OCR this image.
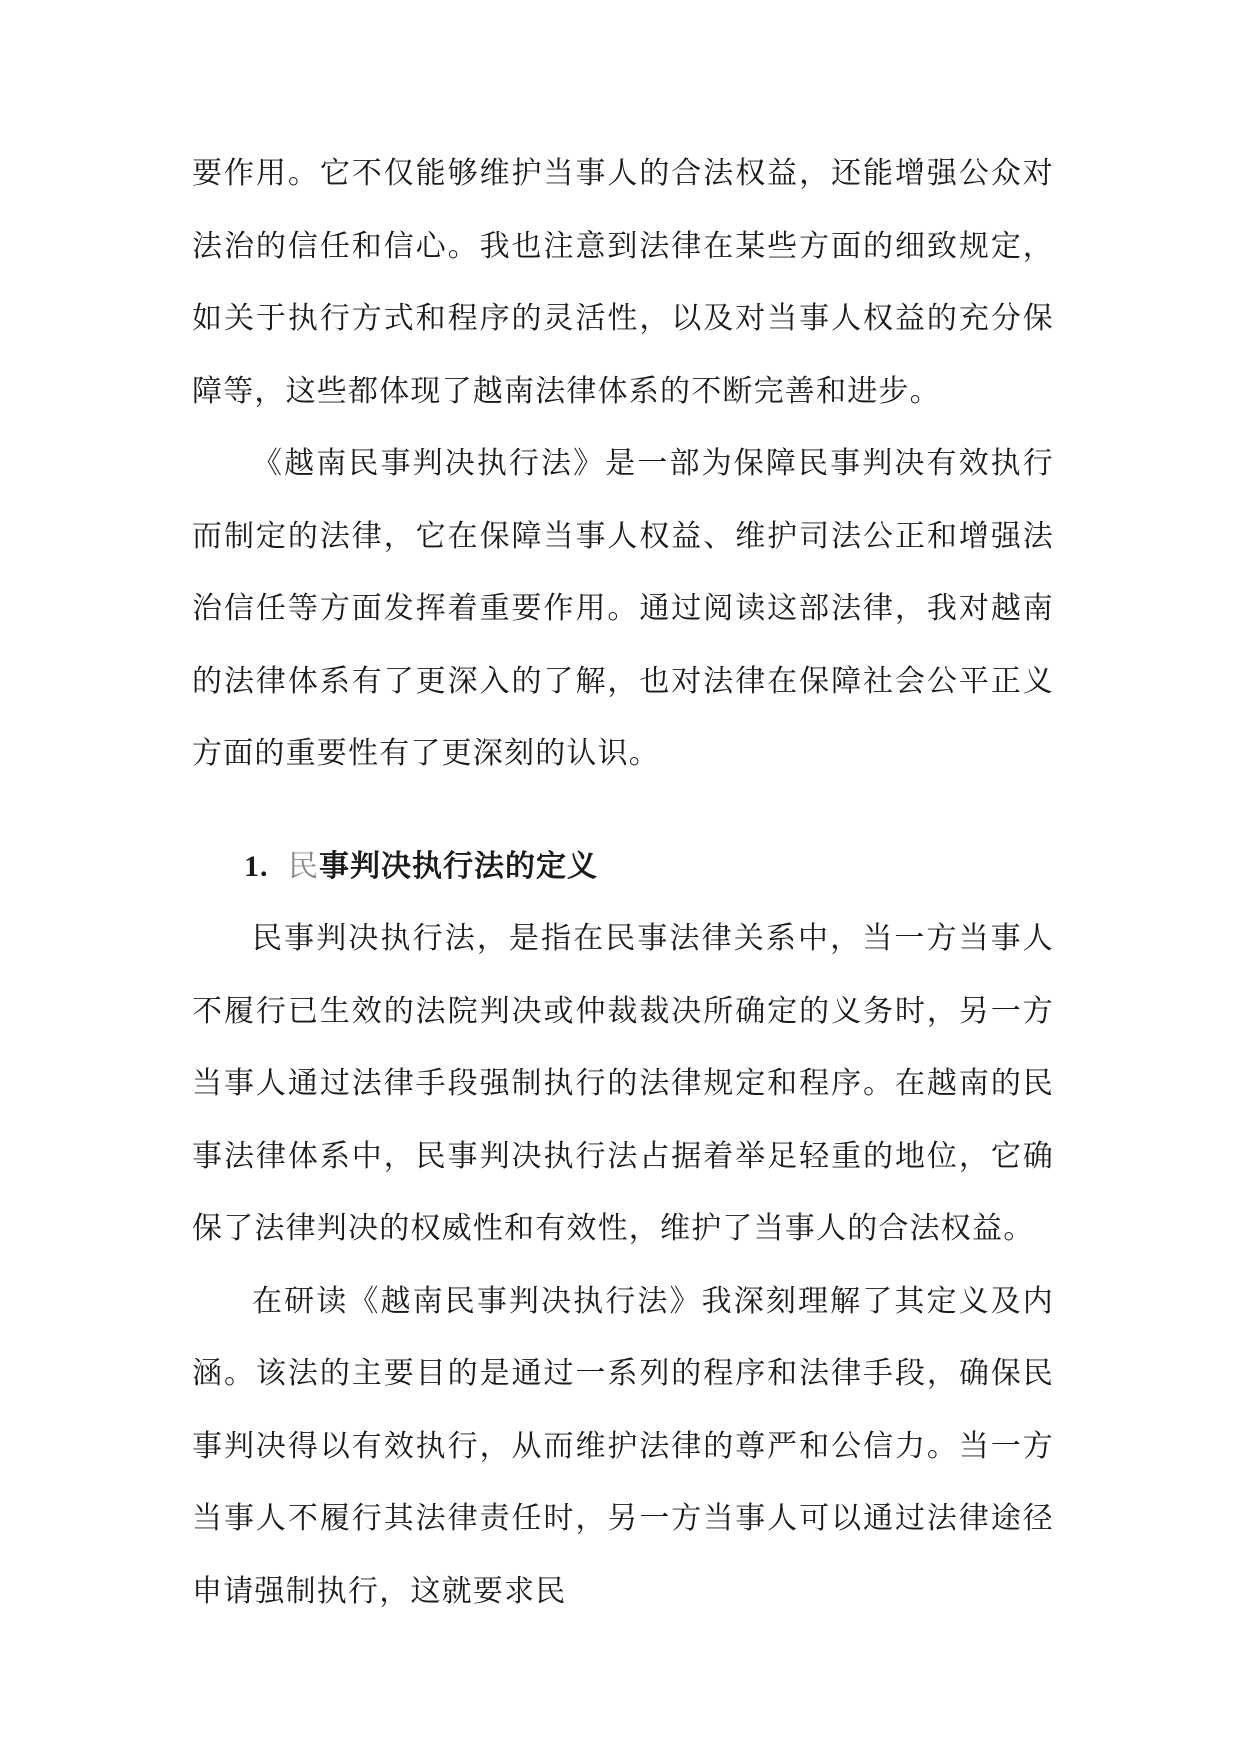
要作用。它不仅能够维护当事人的合法权益，还能增强公众对法治的信任和信心。我也注意到法律在某些方面的细致规定，如关于执行方式和程序的灵活性，以及对当事人权益的充分保障等，这些都体现了越南法律体系的不断完善和进步。

《越南民事判决执行法》是一部为保障民事判决有效执行而制定的法律，它在保障当事人权益、维护司法公正和增强法治信任等方面发挥着重要作用。通过阅读这部法律，我对越南的法律体系有了更深入的了解，也对法律在保障社会公平正义方面的重要性有了更深刻的认识。

1. 民事判决执行法的定义

民事判决执行法，是指在民事法律关系中，当一方当事人不履行已生效的法院判决或仲裁裁决所确定的义务时，另一方当事人通过法律手段强制执行的法律规定和程序。在越南的民事法律体系中，民事判决执行法占据着举足轻重的地位，它确保了法律判决的权威性和有效性，维护了当事人的合法权益。

在研读《越南民事判决执行法》我深刻理解了其定义及内涵。该法的主要目的是通过一系列的程序和法律手段，确保民事判决得以有效执行，从而维护法律的尊严和公信力。当一方当事人不履行其法律责任时，另一方当事人可以通过法律途径申请强制执行，这就要求民
